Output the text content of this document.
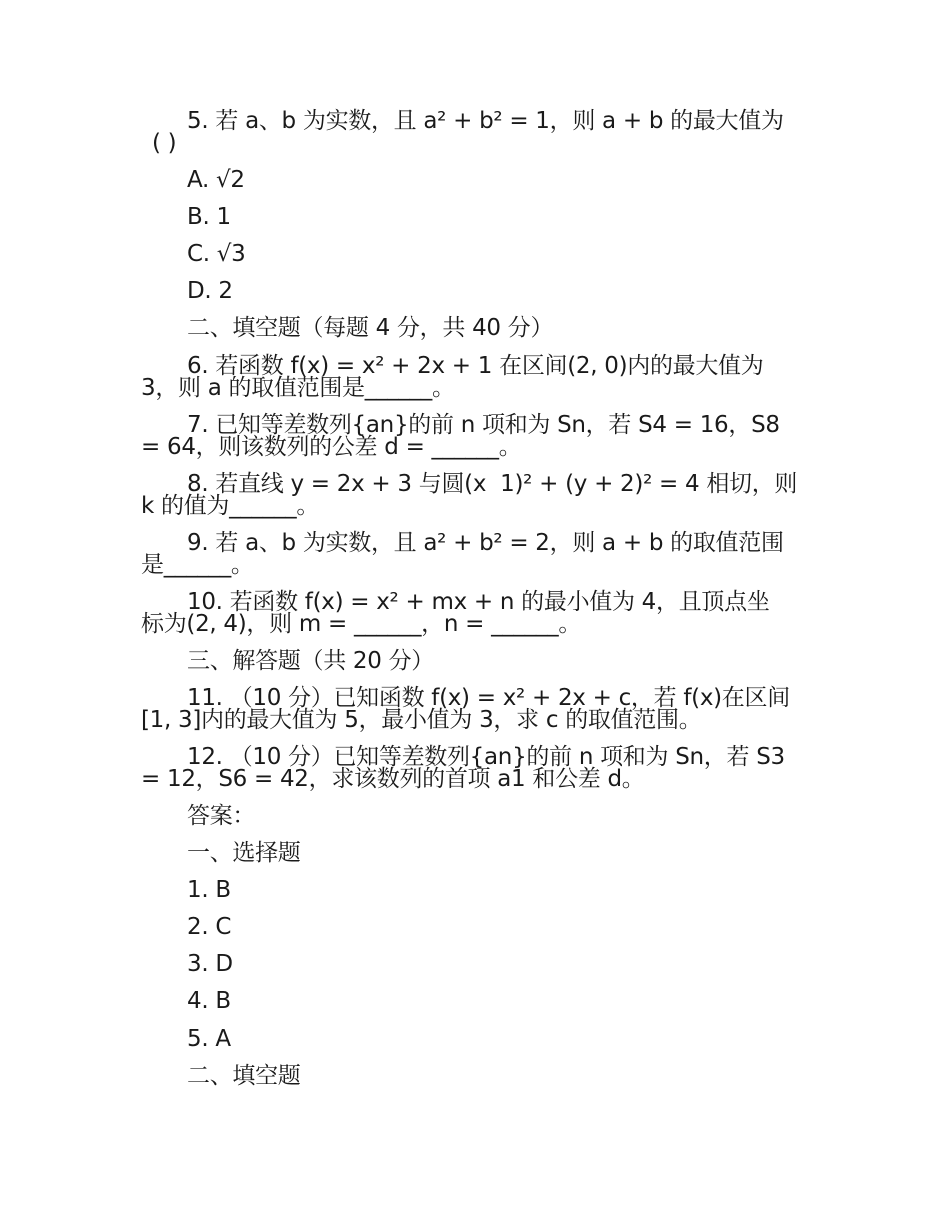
5. 若 a、b 为实数，且 a² + b² = 1，则 a + b 的最大值为
( )
A. √2
B. 1
C. √3
D. 2
二、填空题（每题 4 分，共 40 分）
6. 若函数 f(x) = x² + 2x + 1 在区间(2, 0)内的最大值为
3，则 a 的取值范围是______。
7. 已知等差数列{an}的前 n 项和为 Sn，若 S4 = 16，S8
= 64，则该数列的公差 d = ______。
8. 若直线 y = 2x + 3 与圆(x  1)² + (y + 2)² = 4 相切，则
k 的值为______。
9. 若 a、b 为实数，且 a² + b² = 2，则 a + b 的取值范围
是______。
10. 若函数 f(x) = x² + mx + n 的最小值为 4，且顶点坐
标为(2, 4)，则 m = ______，n = ______。
三、解答题（共 20 分）
11. （10 分）已知函数 f(x) = x² + 2x + c，若 f(x)在区间
[1, 3]内的最大值为 5，最小值为 3，求 c 的取值范围。
12. （10 分）已知等差数列{an}的前 n 项和为 Sn，若 S3
= 12，S6 = 42，求该数列的首项 a1 和公差 d。
答案：
一、选择题
1. B
2. C
3. D
4. B
5. A
二、填空题
